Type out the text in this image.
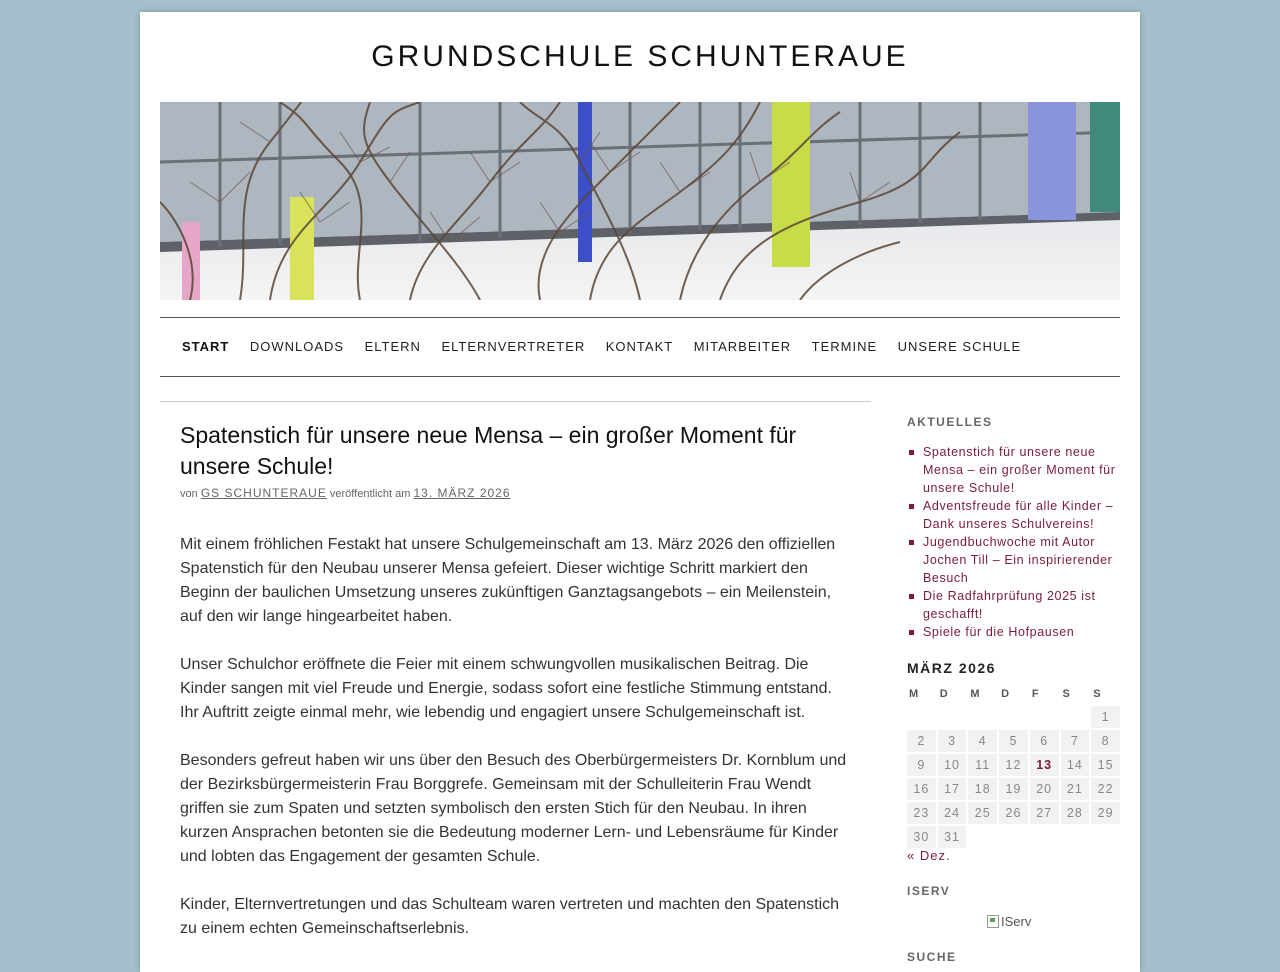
GRUNDSCHULE SCHUNTERAUE
START DOWNLOADS ELTERN ELTERNVERTRETER KONTAKT MITARBEITER TERMINE UNSERE SCHULE
Spatenstich für unsere neue Mensa – ein großer Moment für unsere Schule!
von GS SCHUNTERAUE veröffentlicht am 13. MÄRZ 2026

Mit einem fröhlichen Festakt hat unsere Schulgemeinschaft am 13. März 2026 den offiziellen Spatenstich für den Neubau unserer Mensa gefeiert. Dieser wichtige Schritt markiert den Beginn der baulichen Umsetzung unseres zukünftigen Ganztagsangebots – ein Meilenstein, auf den wir lange hingearbeitet haben.

Unser Schulchor eröffnete die Feier mit einem schwungvollen musikalischen Beitrag. Die Kinder sangen mit viel Freude und Energie, sodass sofort eine festliche Stimmung entstand. Ihr Auftritt zeigte einmal mehr, wie lebendig und engagiert unsere Schulgemeinschaft ist.

Besonders gefreut haben wir uns über den Besuch des Oberbürgermeisters Dr. Kornblum und der Bezirksbürgermeisterin Frau Borggrefe. Gemeinsam mit der Schulleiterin Frau Wendt griffen sie zum Spaten und setzten symbolisch den ersten Stich für den Neubau. In ihren kurzen Ansprachen betonten sie die Bedeutung moderner Lern- und Lebensräume für Kinder und lobten das Engagement der gesamten Schule.

Kinder, Elternvertretungen und das Schulteam waren vertreten und machten den Spatenstich zu einem echten Gemeinschaftserlebnis.

AKTUELLES
Spatenstich für unsere neue Mensa – ein großer Moment für unsere Schule!
Adventsfreude für alle Kinder – Dank unseres Schulvereins!
Jugendbuchwoche mit Autor Jochen Till – Ein inspirierender Besuch
Die Radfahrprüfung 2025 ist geschafft!
Spiele für die Hofpausen
MÄRZ 2026
M	D	M	D	F	S	S
						1
2	3	4	5	6	7	8
9	10	11	12	13	14	15
16	17	18	19	20	21	22
23	24	25	26	27	28	29
30	31					
« Dez.
ISERV
IServ
SUCHE
